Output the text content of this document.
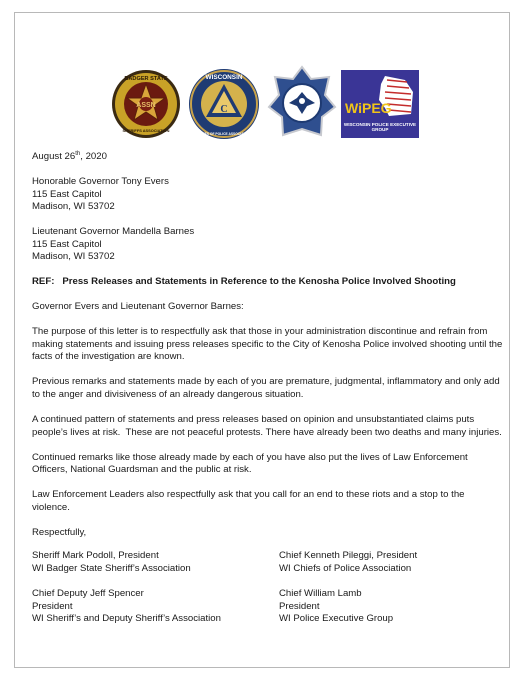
ASSN
BADGER STATE
SHERIFFS ASSOCIATION
C
WISCONSIN
CHIEFS OF POLICE ASSOCIATION
WiPEG
WISCONSIN POLICE EXECUTIVE GROUP

August 26th, 2020

Honorable Governor Tony Evers
115 East Capitol
Madison, WI 53702

Lieutenant Governor Mandella Barnes
115 East Capitol
Madison, WI 53702

REF:   Press Releases and Statements in Reference to the Kenosha Police Involved Shooting

Governor Evers and Lieutenant Governor Barnes:

The purpose of this letter is to respectfully ask that those in your administration discontinue and refrain from
making statements and issuing press releases specific to the City of Kenosha Police involved shooting until the
facts of the investigation are known.

Previous remarks and statements made by each of you are premature, judgmental, inflammatory and only add
to the anger and divisiveness of an already dangerous situation.

A continued pattern of statements and press releases based on opinion and unsubstantiated claims puts
people’s lives at risk.  These are not peaceful protests. There have already been two deaths and many injuries.

Continued remarks like those already made by each of you have also put the lives of Law Enforcement
Officers, National Guardsman and the public at risk.

Law Enforcement Leaders also respectfully ask that you call for an end to these riots and a stop to the
violence.

Respectfully,

Sheriff Mark Podoll, President
WI Badger State Sheriff’s Association
Chief Kenneth Pileggi, President
WI Chiefs of Police Association
Chief Deputy Jeff Spencer
President
WI Sheriff’s and Deputy Sheriff’s Association
Chief William Lamb
President
WI Police Executive Group
